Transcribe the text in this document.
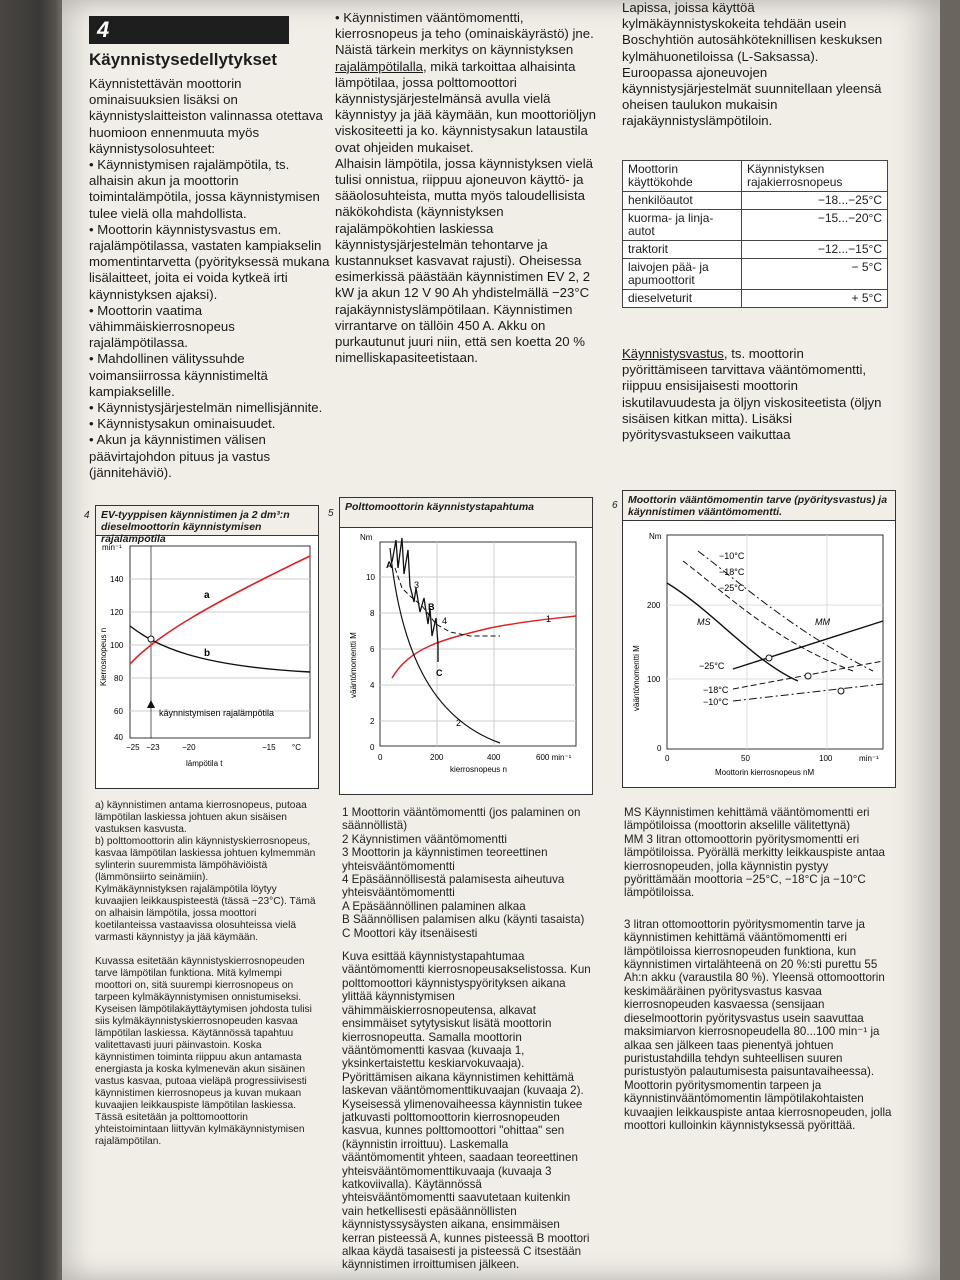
4
Käynnistysedellytykset

Käynnistettävän moottorin ominaisuuksien lisäksi on käynnistyslaitteiston valinnassa otettava huomioon ennenmuuta myös käynnistysolosuhteet:

• Käynnistymisen rajalämpötila, ts. alhaisin akun ja moottorin toimintalämpötila, jossa käynnistymisen tulee vielä olla mahdollista.

• Moottorin käynnistysvastus em. rajalämpötilassa, vastaten kampiakselin momentintarvetta (pyörityksessä mukana lisälaitteet, joita ei voida kytkeä irti käynnistyksen ajaksi).

• Moottorin vaatima vähimmäiskierrosnopeus rajalämpötilassa.

• Mahdollinen välityssuhde voimansiirrossa käynnistimeltä kampiakselille.

• Käynnistysjärjestelmän nimellisjännite.

• Käynnistysakun ominaisuudet.

• Akun ja käynnistimen välisen päävirtajohdon pituus ja vastus (jännitehäviö).

• Käynnistimen vääntömomentti, kierrosnopeus ja teho (ominaiskäyrästö) jne.

Näistä tärkein merkitys on käynnistyksen rajalämpötilalla, mikä tarkoittaa alhaisinta lämpötilaa, jossa polttomoottori käynnistysjärjestelmänsä avulla vielä käynnistyy ja jää käymään, kun moottoriöljyn viskositeetti ja ko. käynnistysakun lataustila ovat ohjeiden mukaiset.

Alhaisin lämpötila, jossa käynnistyksen vielä tulisi onnistua, riippuu ajoneuvon käyttö- ja sääolosuhteista, mutta myös taloudellisista näkökohdista (käynnistyksen rajalämpökohtien laskiessa käynnistysjärjestelmän tehontarve ja kustannukset kasvavat rajusti). Oheisessa esimerkissä päästään käynnistimen EV 2, 2 kW ja akun 12 V 90 Ah yhdistelmällä −23°C rajakäynnistyslämpötilaan. Käynnistimen virrantarve on tällöin 450 A. Akku on purkautunut juuri niin, että sen koetta 20 % nimelliskapasiteetistaan.

Lapissa, joissa käyttöä kylmäkäynnistyskokeita tehdään usein Boschyhtiön autosähköteknillisen keskuksen kylmähuonetiloissa (L-Saksassa).

Euroopassa ajoneuvojen käynnistysjärjestelmät suunnitellaan yleensä oheisen taulukon mukaisin rajakäynnistyslämpötiloin.

Moottorin käyttökohde	Käynnistyksen rajakierrosnopeus
henkilöautot	−18...−25°C
kuorma- ja linja-autot	−15...−20°C
traktorit	−12...−15°C
laivojen pää- ja apumoottorit	− 5°C
dieselveturit	+ 5°C

Käynnistysvastus, ts. moottorin pyörittämiseen tarvittava vääntömomentti, riippuu ensisijaisesti moottorin iskutilavuudesta ja öljyn viskositeetista (öljyn sisäisen kitkan mitta). Lisäksi pyöritysvastukseen vaikuttaa

4	EV-tyyppisen käynnistimen ja 2 dm³:n dieselmoottorin käynnistymisen rajalämpötila
a
b
käynnistymisen rajalämpötila
min⁻¹
140
120
100
80
60
40
Kierrosnopeus n
−25 −23	−20	−15 °C
lämpötila t
5
Polttomoottorin käynnistystapahtuma
3
4	1
2
A
B
C
Nm
10
8
6
4
2
0
vääntömomentti M
0	200	400	600 min⁻¹
kierrosnopeus n
6 Moottorin vääntömomentin tarve (pyöritysvastus) ja käynnistimen vääntömomentti.
−10°C
−18°C
−25°C
MS	MM
−25°C
−18°C
−10°C
Nm
200
100
0
vääntömomentti M
0	50	100	min⁻¹
Moottorin kierrosnopeus nM

a) käynnistimen antama kierrosnopeus, putoaa lämpötilan laskiessa johtuen akun sisäisen vastuksen kasvusta.

b) polttomoottorin alin käynnistyskierrosnopeus, kasvaa lämpötilan laskiessa johtuen kylmemmän sylinterin suuremmista lämpöhäviöistä (lämmönsiirto seinämiin).

Kylmäkäynnistyksen rajalämpötila löytyy kuvaajien leikkauspisteestä (tässä −23°C). Tämä on alhaisin lämpötila, jossa moottori koetilanteissa vastaavissa olosuhteissa vielä varmasti käynnistyy ja jää käymään.

Kuvassa esitetään käynnistyskierrosnopeuden tarve lämpötilan funktiona. Mitä kylmempi moottori on, sitä suurempi kierrosnopeus on tarpeen kylmäkäynnistymisen onnistumiseksi. Kyseisen lämpötilakäyttäytymisen johdosta tulisi siis kylmäkäynnistyskierrosnopeuden kasvaa lämpötilan laskiessa. Käytännössä tapahtuu valitettavasti juuri päinvastoin. Koska käynnistimen toiminta riippuu akun antamasta energiasta ja koska kylmenevän akun sisäinen vastus kasvaa, putoaa vieläpä progressiivisesti käynnistimen kierrosnopeus ja kuvan mukaan kuvaajien leikkauspiste lämpötilan laskiessa. Tässä esitetään ja polttomoottorin yhteistoimintaan liittyvän kylmäkäynnistymisen rajalämpötilan.

1 Moottorin vääntömomentti (jos palaminen on säännöllistä)

2 Käynnistimen vääntömomentti

3 Moottorin ja käynnistimen teoreettinen yhteisvääntömomentti

4 Epäsäännöllisestä palamisesta aiheutuva yhteisvääntömomentti

A Epäsäännöllinen palaminen alkaa

B Säännöllisen palamisen alku (käynti tasaista)

C Moottori käy itsenäisesti

Kuva esittää käynnistystapahtumaa vääntömomentti kierrosnopeusakselistossa. Kun polttomoottori käynnistyspyörityksen aikana ylittää käynnistymisen vähimmäiskierrosnopeutensa, alkavat ensimmäiset sytytysiskut lisätä moottorin kierrosnopeutta. Samalla moottorin vääntömomentti kasvaa (kuvaaja 1, yksinkertaistettu keskiarvokuvaaja). Pyörittämisen aikana käynnistimen kehittämä laskevan vääntömomenttikuvaajan (kuvaaja 2). Kyseisessä ylimenovaiheessa käynnistin tukee jatkuvasti polttomoottorin kierrosnopeuden kasvua, kunnes polttomoottori "ohittaa" sen (käynnistin irroittuu). Laskemalla vääntömomentit yhteen, saadaan teoreettinen yhteisvääntömomenttikuvaaja (kuvaaja 3 katkoviivalla). Käytännössä yhteisvääntömomentti saavutetaan kuitenkin vain hetkellisesti epäsäännöllisten käynnistyssysäysten aikana, ensimmäisen kerran pisteessä A, kunnes pisteessä B moottori alkaa käydä tasaisesti ja pisteessä C itsestään käynnistimen irroittumisen jälkeen.

MS Käynnistimen kehittämä vääntömomentti eri lämpötiloissa (moottorin akselille välitettynä)

MM 3 litran ottomoottorin pyöritysmomentti eri lämpötiloissa. Pyörällä merkitty leikkauspiste antaa kierrosnopeuden, jolla käynnistin pystyy pyörittämään moottoria −25°C, −18°C ja −10°C lämpötiloissa.

3 litran ottomoottorin pyöritysmomentin tarve ja käynnistimen kehittämä vääntömomentti eri lämpötiloissa kierrosnopeuden funktiona, kun käynnistimen virtalähteenä on 20 %:sti purettu 55 Ah:n akku (varaustila 80 %). Yleensä ottomoottorin keskimääräinen pyöritysvastus kasvaa kierrosnopeuden kasvaessa (sensijaan dieselmoottorin pyöritysvastus usein saavuttaa maksimiarvon kierrosnopeudella 80...100 min⁻¹ ja alkaa sen jälkeen taas pienentyä johtuen puristustahdilla tehdyn suhteellisen suuren puristustyön palautumisesta paisuntavaiheessa). Moottorin pyöritysmomentin tarpeen ja käynnistinvääntömomentin lämpötilakohtaisten kuvaajien leikkauspiste antaa kierrosnopeuden, jolla moottori kulloinkin käynnistyksessä pyörittää.
